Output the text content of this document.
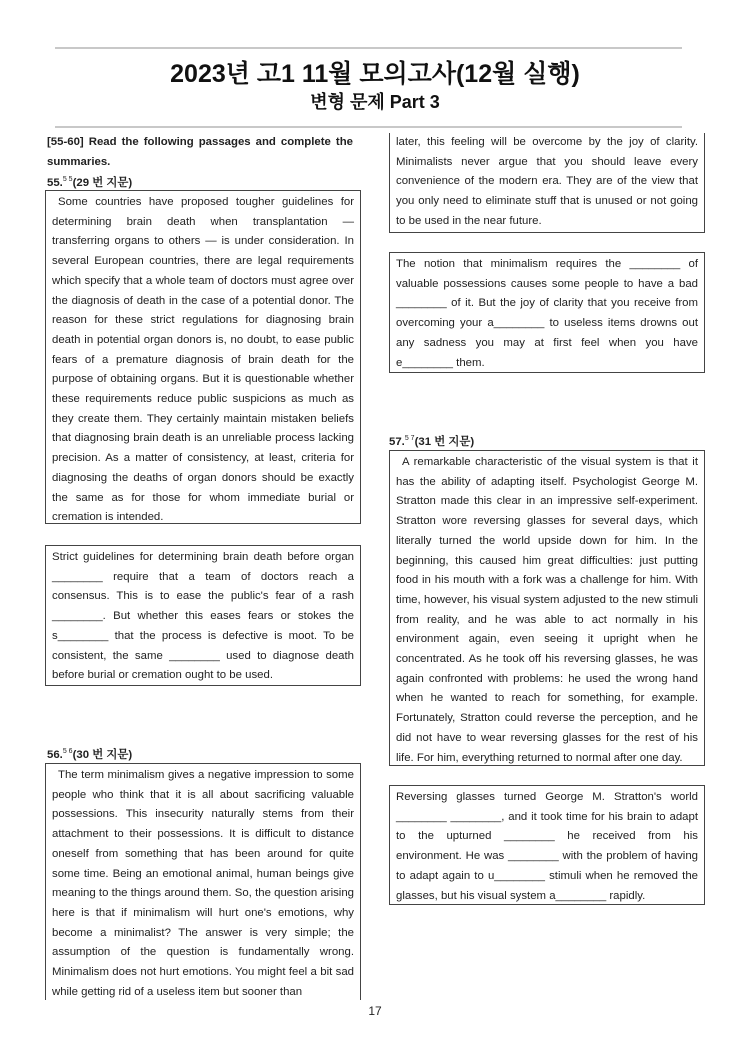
2023년 고1 11월 모의고사(12월 실행)
변형 문제 Part 3
[55-60] Read the following passages and complete the summaries.
55.$^{5 5}$(29 번 지문)

Some countries have proposed tougher guidelines for determining brain death when transplantation — transferring organs to others — is under consideration. In several European countries, there are legal requirements which specify that a whole team of doctors must agree over the diagnosis of death in the case of a potential donor. The reason for these strict regulations for diagnosing brain death in potential organ donors is, no doubt, to ease public fears of a premature diagnosis of brain death for the purpose of obtaining organs. But it is questionable whether these requirements reduce public suspicions as much as they create them. They certainly maintain mistaken beliefs that diagnosing brain death is an unreliable process lacking precision. As a matter of consistency, at least, criteria for diagnosing the deaths of organ donors should be exactly the same as for those for whom immediate burial or cremation is intended.

Strict guidelines for determining brain death before organ ________ require that a team of doctors reach a consensus. This is to ease the public's fear of a rash ________. But whether this eases fears or stokes the s________ that the process is defective is moot. To be consistent, the same ________ used to diagnose death before burial or cremation ought to be used.

56.$^{5 6}$(30 번 지문)

The term minimalism gives a negative impression to some people who think that it is all about sacrificing valuable possessions. This insecurity naturally stems from their attachment to their possessions. It is difficult to distance oneself from something that has been around for quite some time. Being an emotional animal, human beings give meaning to the things around them. So, the question arising here is that if minimalism will hurt one's emotions, why become a minimalist? The answer is very simple; the assumption of the question is fundamentally wrong. Minimalism does not hurt emotions. You might feel a bit sad while getting rid of a useless item but sooner than

later, this feeling will be overcome by the joy of clarity. Minimalists never argue that you should leave every convenience of the modern era. They are of the view that you only need to eliminate stuff that is unused or not going to be used in the near future.

The notion that minimalism requires the ________ of valuable possessions causes some people to have a bad ________ of it. But the joy of clarity that you receive from overcoming your a________ to useless items drowns out any sadness you may at first feel when you have e________ them.

57.$^{5 7}$(31 번 지문)

A remarkable characteristic of the visual system is that it has the ability of adapting itself. Psychologist George M. Stratton made this clear in an impressive self-experiment. Stratton wore reversing glasses for several days, which literally turned the world upside down for him. In the beginning, this caused him great difficulties: just putting food in his mouth with a fork was a challenge for him. With time, however, his visual system adjusted to the new stimuli from reality, and he was able to act normally in his environment again, even seeing it upright when he concentrated. As he took off his reversing glasses, he was again confronted with problems: he used the wrong hand when he wanted to reach for something, for example. Fortunately, Stratton could reverse the perception, and he did not have to wear reversing glasses for the rest of his life. For him, everything returned to normal after one day.

Reversing glasses turned George M. Stratton's world ________ ________, and it took time for his brain to adapt to the upturned ________ he received from his environment. He was ________ with the problem of having to adapt again to u________ stimuli when he removed the glasses, but his visual system a________ rapidly.

17
